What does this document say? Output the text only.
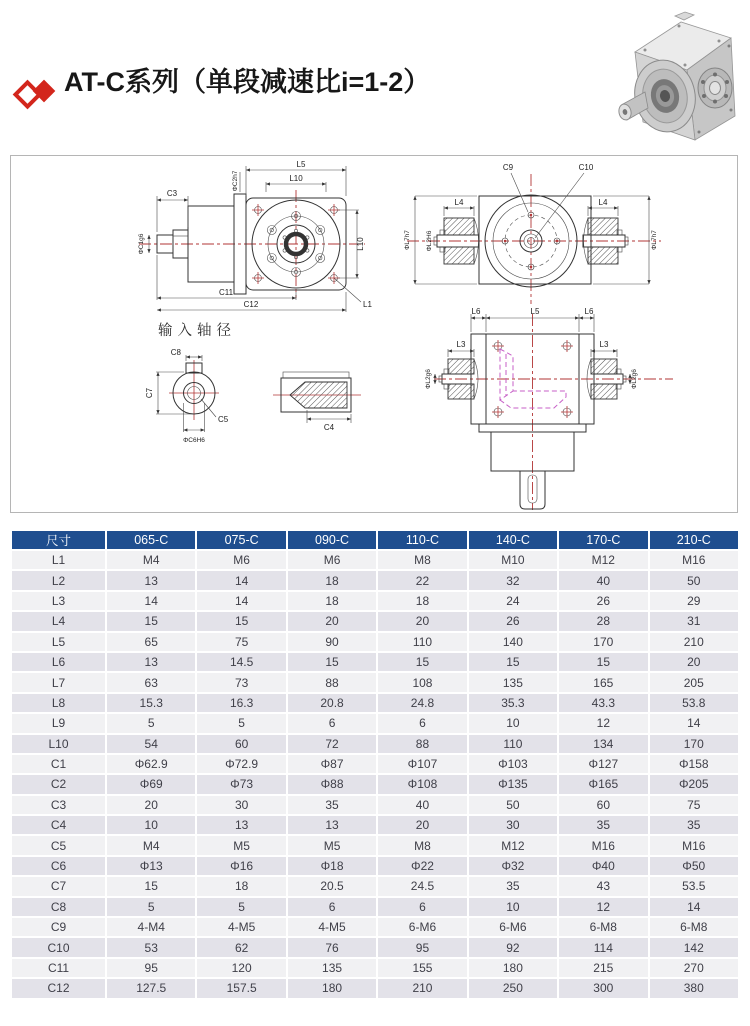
AT-C系列（单段减速比i=1-2）
C3
ΦC1g6
ΦC2h7
L5
L10
L10
C11
C12	L1
L4	L4
ΦL2H6
ΦL7h7	ΦL7h7
C9	C10
L6	L5	L6
L3	L3
ΦL2g6	ΦL2g6
C8
C7
C5
ΦC6H6
C4
输入轴径
尺寸	065-C	075-C	090-C	110-C	140-C	170-C	210-C
L1	M4	M6	M6	M8	M10	M12	M16
L2	13	14	18	22	32	40	50
L3	14	14	18	18	24	26	29
L4	15	15	20	20	26	28	31
L5	65	75	90	110	140	170	210
L6	13	14.5	15	15	15	15	20
L7	63	73	88	108	135	165	205
L8	15.3	16.3	20.8	24.8	35.3	43.3	53.8
L9	5	5	6	6	10	12	14
L10	54	60	72	88	110	134	170
C1	Φ62.9	Φ72.9	Φ87	Φ107	Φ103	Φ127	Φ158
C2	Φ69	Φ73	Φ88	Φ108	Φ135	Φ165	Φ205
C3	20	30	35	40	50	60	75
C4	10	13	13	20	30	35	35
C5	M4	M5	M5	M8	M12	M16	M16
C6	Φ13	Φ16	Φ18	Φ22	Φ32	Φ40	Φ50
C7	15	18	20.5	24.5	35	43	53.5
C8	5	5	6	6	10	12	14
C9	4-M4	4-M5	4-M5	6-M6	6-M6	6-M8	6-M8
C10	53	62	76	95	92	114	142
C11	95	120	135	155	180	215	270
C12	127.5	157.5	180	210	250	300	380
